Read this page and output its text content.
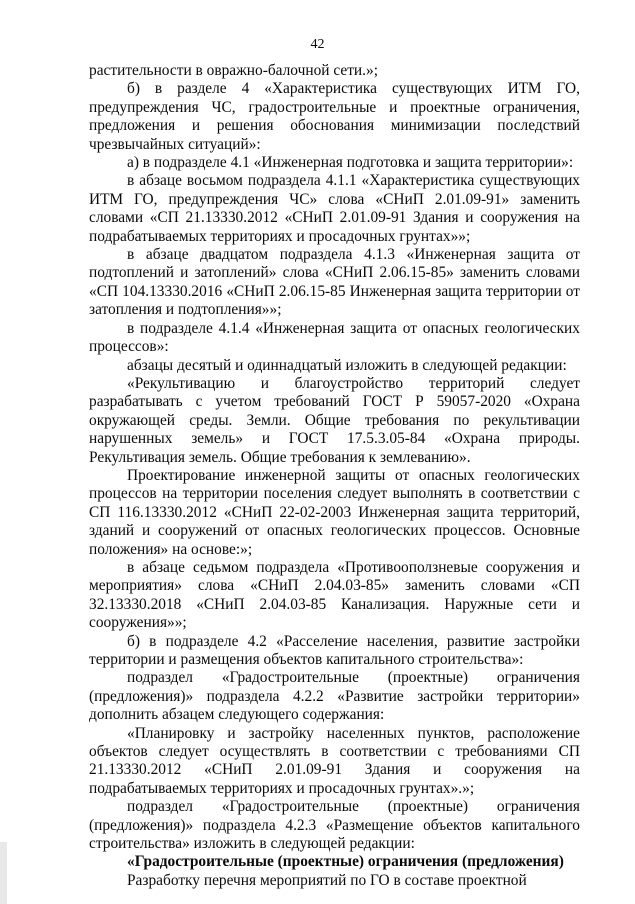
42

растительности в овражно-балочной сети.»;

б) в разделе 4 «Характеристика существующих ИТМ ГО, предупреждения ЧС, градостроительные и проектные ограничения, предложения и решения обоснования минимизации последствий чрезвычайных ситуаций»:

а) в подразделе 4.1 «Инженерная подготовка и защита территории»:

в абзаце восьмом подраздела 4.1.1 «Характеристика существующих ИТМ ГО, предупреждения ЧС» слова «СНиП 2.01.09-91» заменить словами «СП 21.13330.2012 «СНиП 2.01.09-91 Здания и сооружения на подрабатываемых территориях и просадочных грунтах»»;

в абзаце двадцатом подраздела 4.1.3 «Инженерная защита от подтоплений и затоплений» слова «СНиП 2.06.15-85» заменить словами «СП 104.13330.2016 «СНиП 2.06.15-85 Инженерная защита территории от затопления и подтопления»»;

в подразделе 4.1.4 «Инженерная защита от опасных геологических процессов»:

абзацы десятый и одиннадцатый изложить в следующей редакции:

«Рекультивацию и благоустройство территорий следует разрабатывать с учетом требований ГОСТ Р 59057-2020 «Охрана окружающей среды. Земли. Общие требования по рекультивации нарушенных земель» и ГОСТ 17.5.3.05-84 «Охрана природы. Рекультивация земель. Общие требования к землеванию».

Проектирование инженерной защиты от опасных геологических процессов на территории поселения следует выполнять в соответствии с СП 116.13330.2012 «СНиП 22-02-2003 Инженерная защита территорий, зданий и сооружений от опасных геологических процессов. Основные положения» на основе:»;

в абзаце седьмом подраздела «Противооползневые сооружения и мероприятия» слова «СНиП 2.04.03-85» заменить словами «СП 32.13330.2018 «СНиП 2.04.03-85 Канализация. Наружные сети и сооружения»»;

б) в подразделе 4.2 «Расселение населения, развитие застройки территории и размещения объектов капитального строительства»:

подраздел «Градостроительные (проектные) ограничения (предложения)» подраздела 4.2.2 «Развитие застройки территории» дополнить абзацем следующего содержания:

«Планировку и застройку населенных пунктов, расположение объектов следует осуществлять в соответствии с требованиями СП 21.13330.2012 «СНиП 2.01.09-91 Здания и сооружения на подрабатываемых территориях и просадочных грунтах».»;

подраздел «Градостроительные (проектные) ограничения (предложения)» подраздела 4.2.3 «Размещение объектов капитального строительства» изложить в следующей редакции:

«Градостроительные (проектные) ограничения (предложения)

Разработку перечня мероприятий по ГО в составе проектной
